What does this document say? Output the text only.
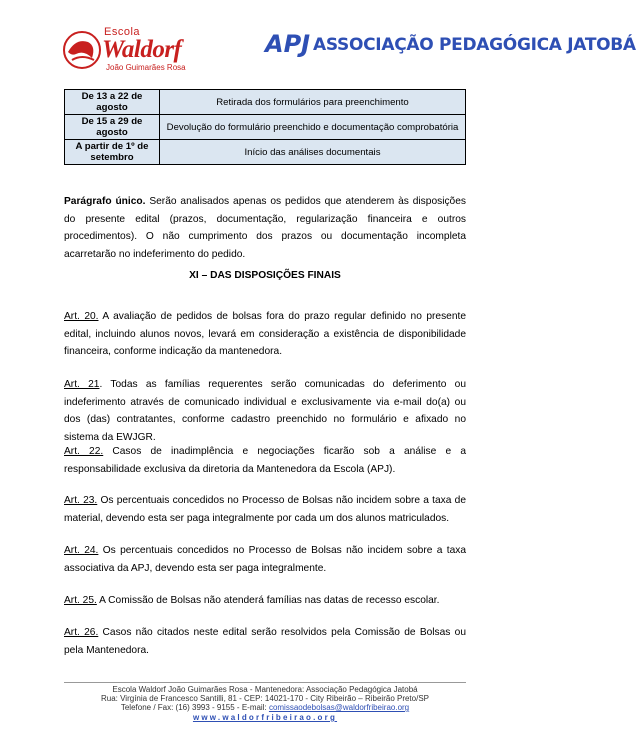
Escola
Waldorf
João Guimarães Rosa
APJ ASSOCIAÇÃO PEDAGÓGICA JATOBÁ
De 13 a 22 de agosto	Retirada dos formulários para preenchimento
De 15 a 29 de agosto	Devolução do formulário preenchido e documentação comprobatória
A partir de 1º de setembro	Início das análises documentais
Parágrafo único. Serão analisados apenas os pedidos que atenderem às disposições do presente edital (prazos, documentação, regularização financeira e outros procedimentos). O não cumprimento dos prazos ou documentação incompleta acarretarão no indeferimento do pedido.
XI – DAS DISPOSIÇÕES FINAIS
Art. 20. A avaliação de pedidos de bolsas fora do prazo regular definido no presente edital, incluindo alunos novos, levará em consideração a existência de disponibilidade financeira, conforme indicação da mantenedora.
Art. 21. Todas as famílias requerentes serão comunicadas do deferimento ou indeferimento através de comunicado individual e exclusivamente via e-mail do(a) ou dos (das) contratantes, conforme cadastro preenchido no formulário e afixado no sistema da EWJGR.
Art. 22. Casos de inadimplência e negociações ficarão sob a análise e a responsabilidade exclusiva da diretoria da Mantenedora da Escola (APJ).
Art. 23. Os percentuais concedidos no Processo de Bolsas não incidem sobre a taxa de material, devendo esta ser paga integralmente por cada um dos alunos matriculados.
Art. 24. Os percentuais concedidos no Processo de Bolsas não incidem sobre a taxa associativa da APJ, devendo esta ser paga integralmente.
Art. 25. A Comissão de Bolsas não atenderá famílias nas datas de recesso escolar.
Art. 26. Casos não citados neste edital serão resolvidos pela Comissão de Bolsas ou pela Mantenedora.
Escola Waldorf João Guimarães Rosa - Mantenedora: Associação Pedagógica Jatobá
Rua: Virgínia de Francesco Santilli, 81 - CEP: 14021-170 - City Ribeirão – Ribeirão Preto/SP
Telefone / Fax: (16) 3993 - 9155 - E-mail: comissaodebolsas@waldorfribeirao.org
www.waldorfribeirao.org
